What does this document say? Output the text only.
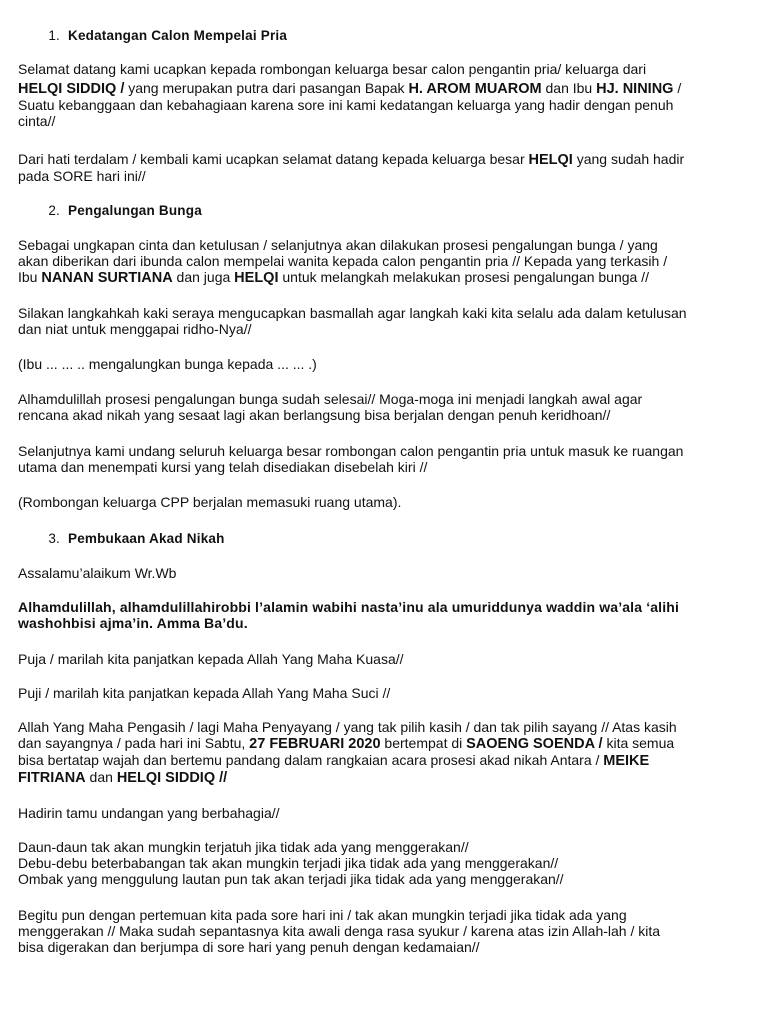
1. Kedatangan Calon Mempelai Pria

Selamat datang kami ucapkan kepada rombongan keluarga besar calon pengantin pria/ keluarga dari

HELQI SIDDIQ / yang merupakan putra dari pasangan Bapak H. AROM MUAROM dan Ibu HJ. NINING /

Suatu kebanggaan dan kebahagiaan karena sore ini kami kedatangan keluarga yang hadir dengan penuh

cinta//

Dari hati terdalam / kembali kami ucapkan selamat datang kepada keluarga besar HELQI yang sudah hadir

pada SORE hari ini//

2. Pengalungan Bunga

Sebagai ungkapan cinta dan ketulusan / selanjutnya akan dilakukan prosesi pengalungan bunga / yang

akan diberikan dari ibunda calon mempelai wanita kepada calon pengantin pria // Kepada yang terkasih /

Ibu NANAN SURTIANA dan juga HELQI untuk melangkah melakukan prosesi pengalungan bunga //

Silakan langkahkah kaki seraya mengucapkan basmallah agar langkah kaki kita selalu ada dalam ketulusan

dan niat untuk menggapai ridho-Nya//

(Ibu ... ... .. mengalungkan bunga kepada ... ... .)

Alhamdulillah prosesi pengalungan bunga sudah selesai// Moga-moga ini menjadi langkah awal agar

rencana akad nikah yang sesaat lagi akan berlangsung bisa berjalan dengan penuh keridhoan//

Selanjutnya kami undang seluruh keluarga besar rombongan calon pengantin pria untuk masuk ke ruangan

utama dan menempati kursi yang telah disediakan disebelah kiri //

(Rombongan keluarga CPP berjalan memasuki ruang utama).

3. Pembukaan Akad Nikah

Assalamu’alaikum Wr.Wb

Alhamdulillah, alhamdulillahirobbi l’alamin wabihi nasta’inu ala umuriddunya waddin wa’ala ‘alihi

washohbisi ajma’in. Amma Ba’du.

Puja / marilah kita panjatkan kepada Allah Yang Maha Kuasa//

Puji / marilah kita panjatkan kepada Allah Yang Maha Suci //

Allah Yang Maha Pengasih / lagi Maha Penyayang / yang tak pilih kasih / dan tak pilih sayang // Atas kasih

dan sayangnya / pada hari ini Sabtu, 27 FEBRUARI 2020 bertempat di SAOENG SOENDA / kita semua

bisa bertatap wajah dan bertemu pandang dalam rangkaian acara prosesi akad nikah Antara / MEIKE

FITRIANA dan HELQI SIDDIQ //

Hadirin tamu undangan yang berbahagia//

Daun-daun tak akan mungkin terjatuh jika tidak ada yang menggerakan//

Debu-debu beterbabangan tak akan mungkin terjadi jika tidak ada yang menggerakan//

Ombak yang menggulung lautan pun tak akan terjadi jika tidak ada yang menggerakan//

Begitu pun dengan pertemuan kita pada sore hari ini / tak akan mungkin terjadi jika tidak ada yang

menggerakan // Maka sudah sepantasnya kita awali denga rasa syukur / karena atas izin Allah-lah / kita

bisa digerakan dan berjumpa di sore hari yang penuh dengan kedamaian//
